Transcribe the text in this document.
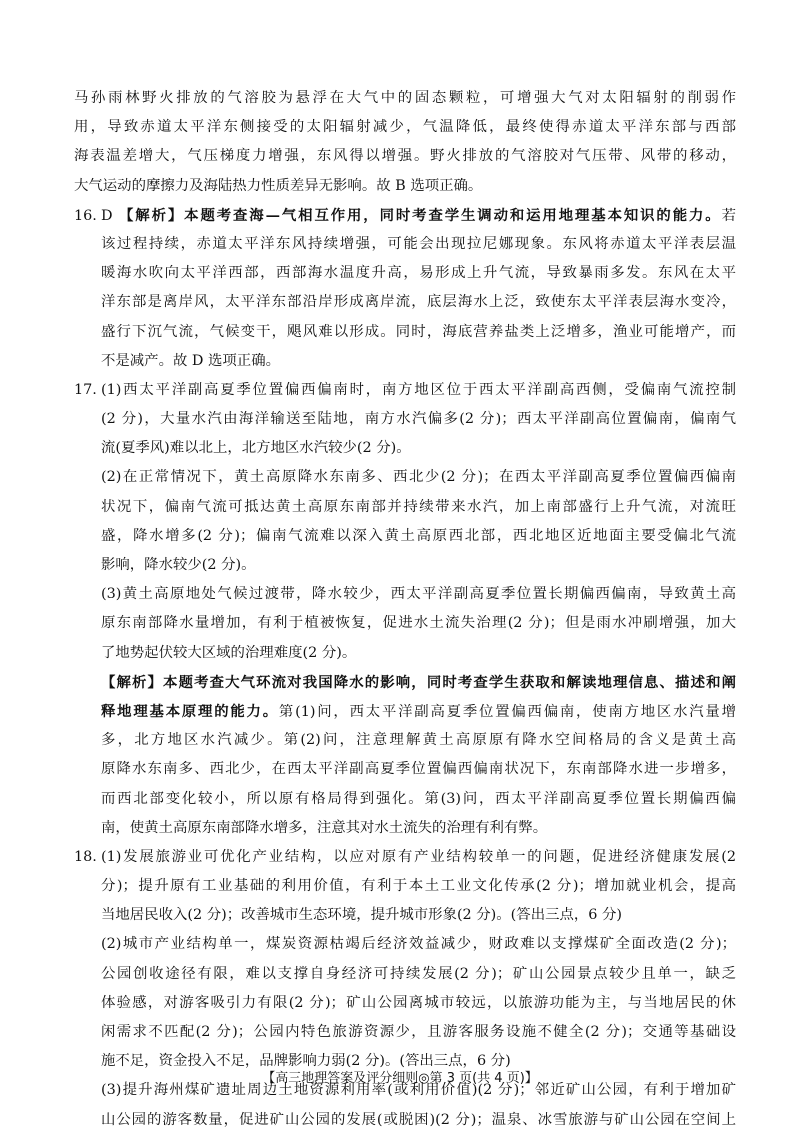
马孙雨林野火排放的气溶胶为悬浮在大气中的固态颗粒，可增强大气对太阳辐射的削弱作
用，导致赤道太平洋东侧接受的太阳辐射减少，气温降低，最终使得赤道太平洋东部与西部
海表温差增大，气压梯度力增强，东风得以增强。野火排放的气溶胶对气压带、风带的移动，
大气运动的摩擦力及海陆热力性质差异无影响。故 B 选项正确。
16. D 【解析】本题考查海—气相互作用，同时考查学生调动和运用地理基本知识的能力。若
该过程持续，赤道太平洋东风持续增强，可能会出现拉尼娜现象。东风将赤道太平洋表层温
暖海水吹向太平洋西部，西部海水温度升高，易形成上升气流，导致暴雨多发。东风在太平
洋东部是离岸风，太平洋东部沿岸形成离岸流，底层海水上泛，致使东太平洋表层海水变冷，
盛行下沉气流，气候变干，飓风难以形成。同时，海底营养盐类上泛增多，渔业可能增产，而
不是减产。故 D 选项正确。
17. (1)西太平洋副高夏季位置偏西偏南时，南方地区位于西太平洋副高西侧，受偏南气流控制
(2 分)，大量水汽由海洋输送至陆地，南方水汽偏多(2 分)；西太平洋副高位置偏南，偏南气
流(夏季风)难以北上，北方地区水汽较少(2 分)。
(2)在正常情况下，黄土高原降水东南多、西北少(2 分)；在西太平洋副高夏季位置偏西偏南
状况下，偏南气流可抵达黄土高原东南部并持续带来水汽，加上南部盛行上升气流，对流旺
盛，降水增多(2 分)；偏南气流难以深入黄土高原西北部，西北地区近地面主要受偏北气流
影响，降水较少(2 分)。
(3)黄土高原地处气候过渡带，降水较少，西太平洋副高夏季位置长期偏西偏南，导致黄土高
原东南部降水量增加，有利于植被恢复，促进水土流失治理(2 分)；但是雨水冲刷增强，加大
了地势起伏较大区域的治理难度(2 分)。
【解析】本题考查大气环流对我国降水的影响，同时考查学生获取和解读地理信息、描述和阐
释地理基本原理的能力。第(1)问，西太平洋副高夏季位置偏西偏南，使南方地区水汽量增
多，北方地区水汽减少。第(2)问，注意理解黄土高原原有降水空间格局的含义是黄土高
原降水东南多、西北少，在西太平洋副高夏季位置偏西偏南状况下，东南部降水进一步增多，
而西北部变化较小，所以原有格局得到强化。第(3)问，西太平洋副高夏季位置长期偏西偏
南，使黄土高原东南部降水增多，注意其对水土流失的治理有利有弊。
18. (1)发展旅游业可优化产业结构，以应对原有产业结构较单一的问题，促进经济健康发展(2
分)；提升原有工业基础的利用价值，有利于本土工业文化传承(2 分)；增加就业机会，提高
当地居民收入(2 分)；改善城市生态环境，提升城市形象(2 分)。(答出三点，6 分)
(2)城市产业结构单一，煤炭资源枯竭后经济效益减少，财政难以支撑煤矿全面改造(2 分)；
公园创收途径有限，难以支撑自身经济可持续发展(2 分)；矿山公园景点较少且单一，缺乏
体验感，对游客吸引力有限(2 分)；矿山公园离城市较远，以旅游功能为主，与当地居民的休
闲需求不匹配(2 分)；公园内特色旅游资源少，且游客服务设施不健全(2 分)；交通等基础设
施不足，资金投入不足，品牌影响力弱(2 分)。(答出三点，6 分)
(3)提升海州煤矿遗址周边土地资源利用率(或利用价值)(2 分)；邻近矿山公园，有利于增加矿
山公园的游客数量，促进矿山公园的发展(或脱困)(2 分)；温泉、冰雪旅游与矿山公园在空间上
【高三地理答案及评分细则◎第 3 页(共 4 页)】
